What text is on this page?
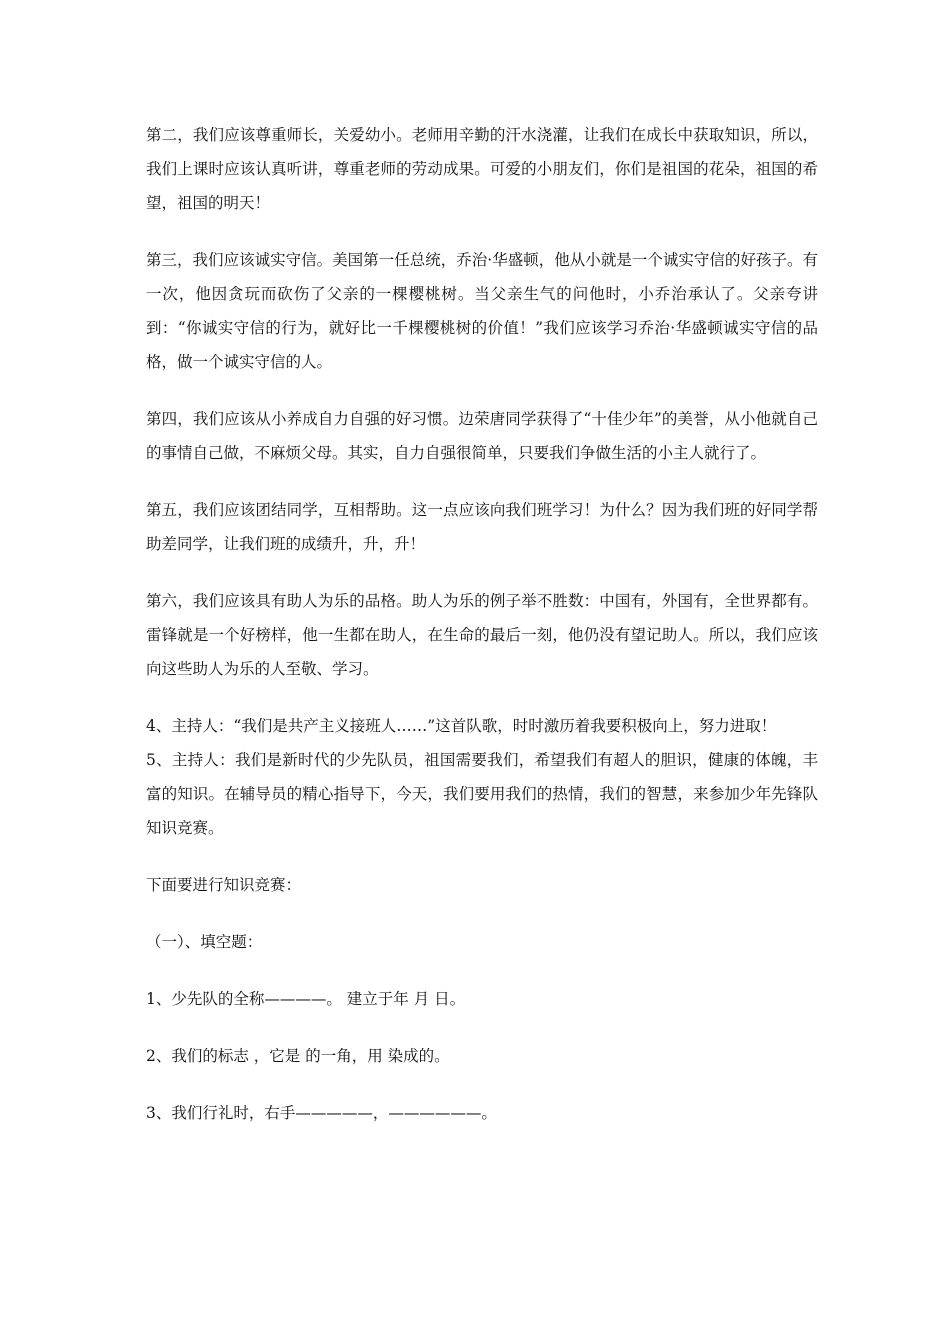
第二，我们应该尊重师长，关爱幼小。老师用辛勤的汗水浇灌，让我们在成长中获取知识，所以，我们上课时应该认真听讲，尊重老师的劳动成果。可爱的小朋友们，你们是祖国的花朵，祖国的希望，祖国的明天！

第三，我们应该诚实守信。美国第一任总统，乔治·华盛顿，他从小就是一个诚实守信的好孩子。有一次，他因贪玩而砍伤了父亲的一棵樱桃树。当父亲生气的问他时，小乔治承认了。父亲夸讲到：“你诚实守信的行为，就好比一千棵樱桃树的价值！”我们应该学习乔治·华盛顿诚实守信的品格，做一个诚实守信的人。

第四，我们应该从小养成自力自强的好习惯。边荣唐同学获得了“十佳少年”的美誉，从小他就自己的事情自己做，不麻烦父母。其实，自力自强很简单，只要我们争做生活的小主人就行了。

第五，我们应该团结同学，互相帮助。这一点应该向我们班学习！为什么？因为我们班的好同学帮助差同学，让我们班的成绩升，升，升！

第六，我们应该具有助人为乐的品格。助人为乐的例子举不胜数：中国有，外国有，全世界都有。雷锋就是一个好榜样，他一生都在助人，在生命的最后一刻，他仍没有望记助人。所以，我们应该向这些助人为乐的人至敬、学习。

4、主持人：“我们是共产主义接班人……”这首队歌，时时激历着我要积极向上，努力进取！

5、主持人：我们是新时代的少先队员，祖国需要我们，希望我们有超人的胆识，健康的体魄，丰富的知识。在辅导员的精心指导下，今天，我们要用我们的热情，我们的智慧，来参加少年先锋队知识竞赛。

下面要进行知识竞赛：

（一）、填空题：

1、少先队的全称————。 建立于年 月 日。

2、我们的标志 ，它是 的一角，用 染成的。

3、我们行礼时，右手—————，——————。
